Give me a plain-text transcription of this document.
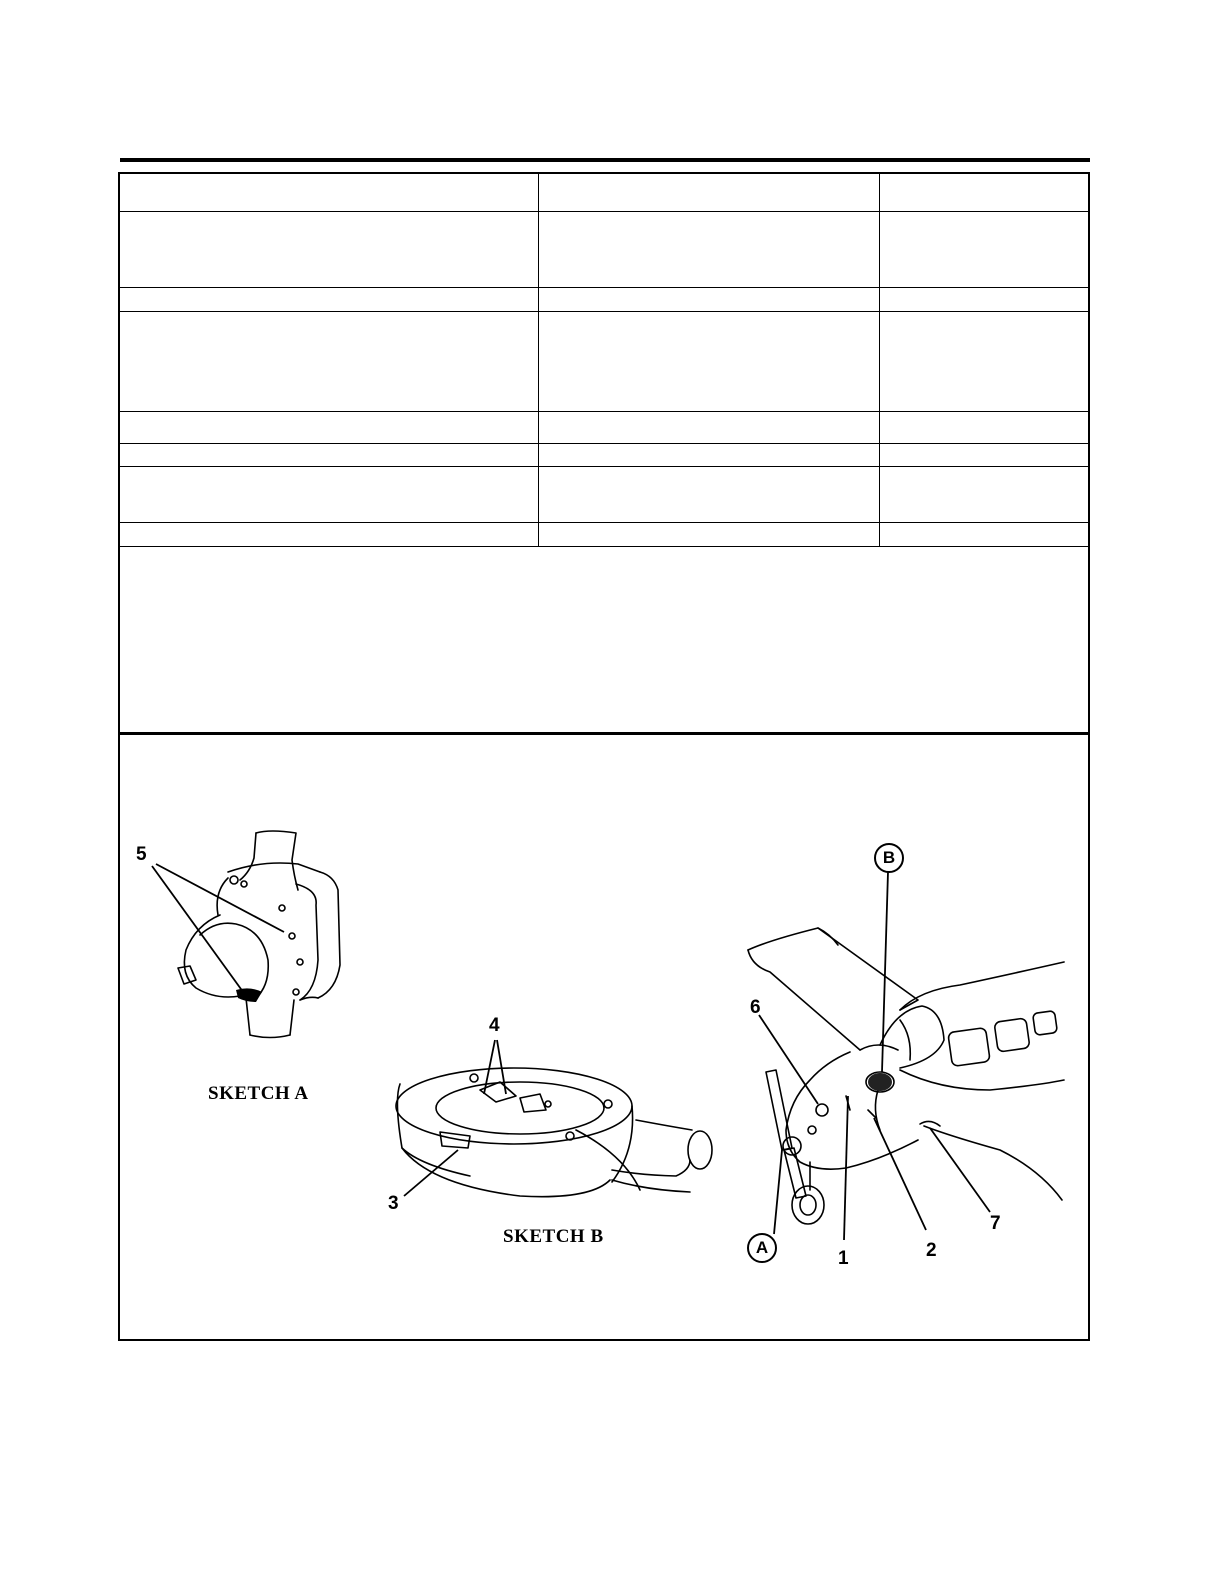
5
SKETCH A
4
3
SKETCH B
B
A
6
1	2
7
